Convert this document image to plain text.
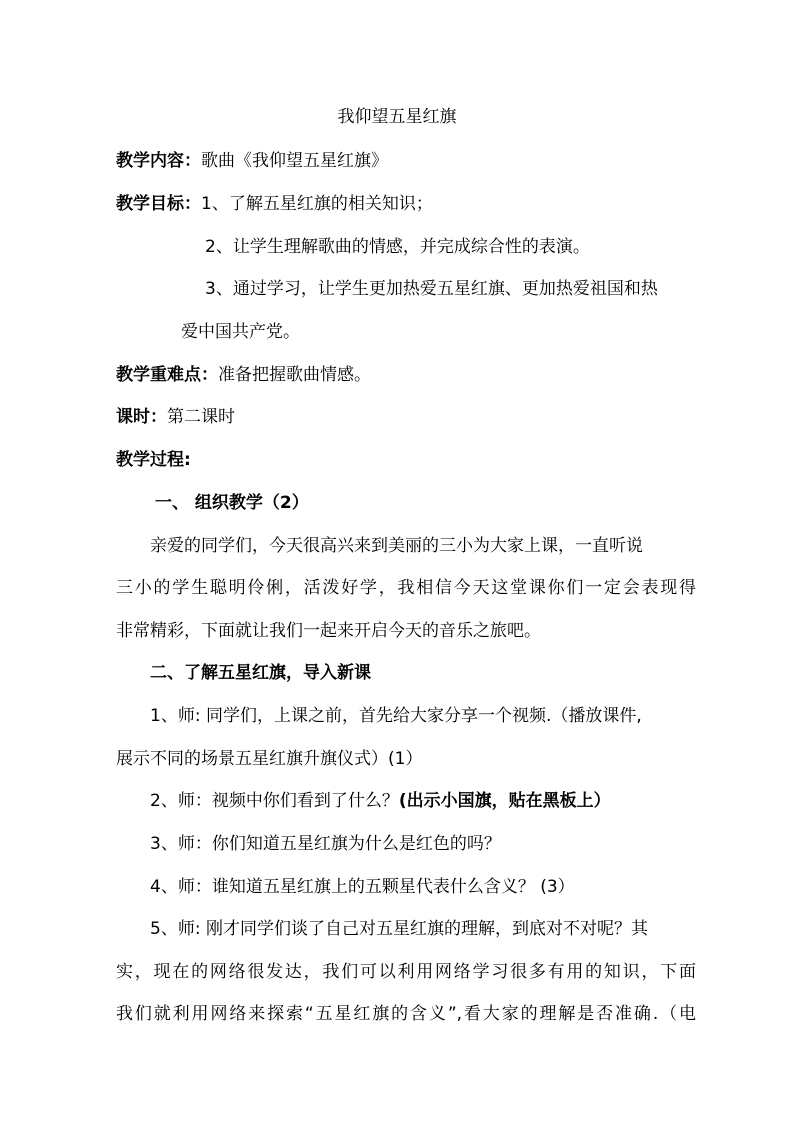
我仰望五星红旗
教学内容：歌曲《我仰望五星红旗》
教学目标：1、了解五星红旗的相关知识；
2、让学生理解歌曲的情感，并完成综合性的表演。
3、通过学习，让学生更加热爱五星红旗、更加热爱祖国和热
爱中国共产党。
教学重难点：准备把握歌曲情感。
课时：第二课时
教学过程:
一、 组织教学（2）
亲爱的同学们，今天很高兴来到美丽的三小为大家上课，一直听说
三小的学生聪明伶俐，活泼好学，我相信今天这堂课你们一定会表现得
非常精彩，下面就让我们一起来开启今天的音乐之旅吧。
二、了解五星红旗，导入新课
1、师: 同学们，上课之前，首先给大家分享一个视频.（播放课件,
展示不同的场景五星红旗升旗仪式）(1）
2、师：视频中你们看到了什么？(出示小国旗，贴在黑板上）
3、师：你们知道五星红旗为什么是红色的吗？
4、师：谁知道五星红旗上的五颗星代表什么含义？ (3）
5、师: 刚才同学们谈了自己对五星红旗的理解，到底对不对呢？其
实，现在的网络很发达，我们可以利用网络学习很多有用的知识，下面
我们就利用网络来探索“五星红旗的含义”,看大家的理解是否准确.（电
